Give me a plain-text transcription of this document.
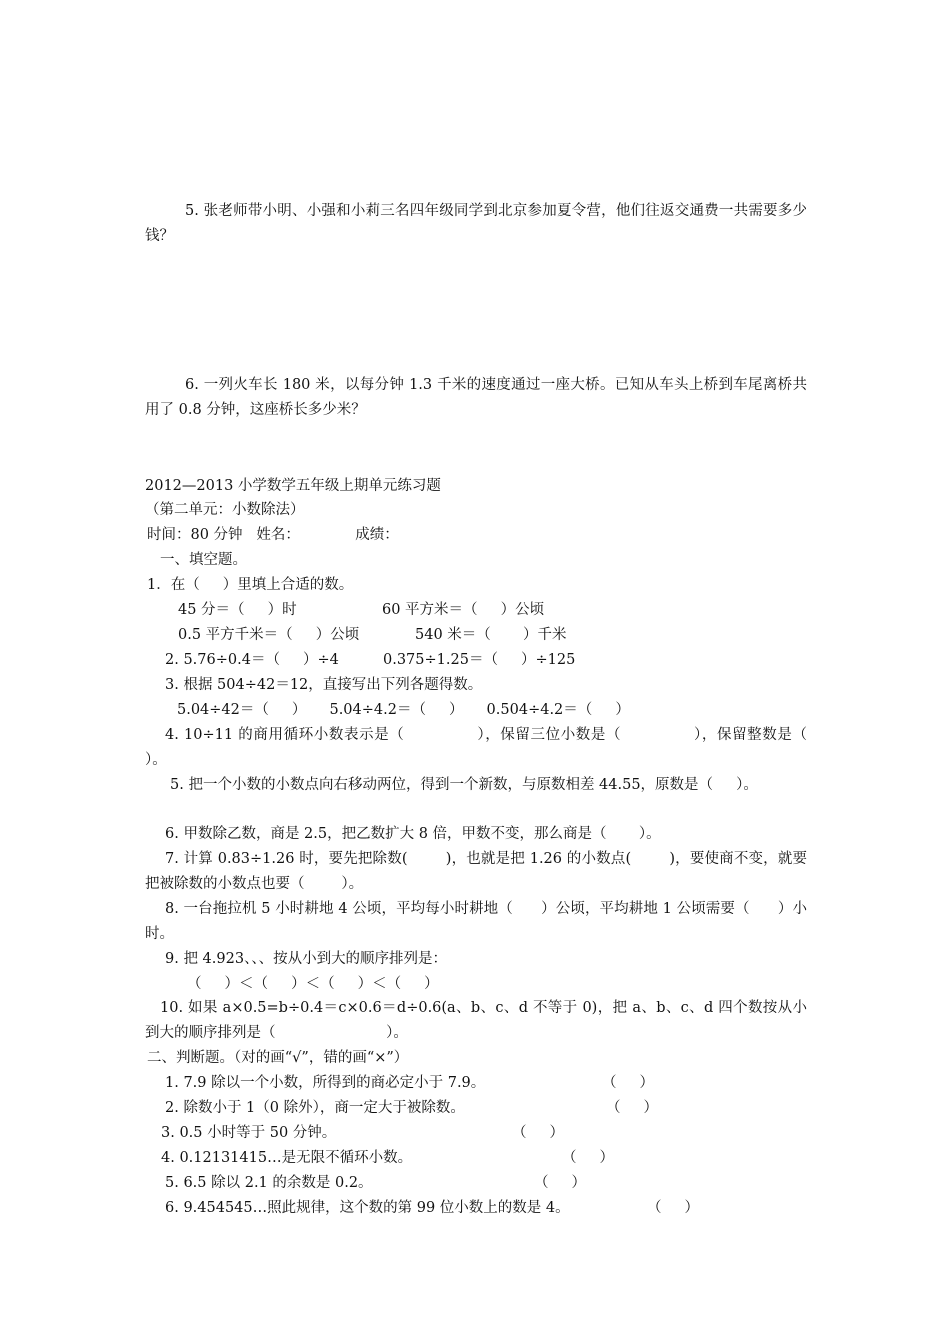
5. 张老师带小明、小强和小莉三名四年级同学到北京参加夏令营，他们往返交通费一共需要多少钱？
6. 一列火车长 180 米，以每分钟 1.3 千米的速度通过一座大桥。已知从车头上桥到车尾离桥共用了 0.8 分钟，这座桥长多少米？
2012—2013 小学数学五年级上期单元练习题
（第二单元：小数除法）
时间：80 分钟   姓名：            成绩：
一、填空题。
1．在（     ）里填上合适的数。
45 分＝（     ）时	60 平方米＝（     ）公顷
0.5 平方千米＝（     ）公顷	540 米＝（       ）千米
2. 5.76÷0.4＝（     ）÷4	0.375÷1.25＝（     ）÷125
3. 根据 504÷42＝12，直接写出下列各题得数。
5.04÷42＝（     ）     5.04÷4.2＝（     ）     0.504÷4.2＝（     ）
4. 10÷11 的商用循环小数表示是（              ），保留三位小数是（              ），保留整数是（     ）。
5. 把一个小数的小数点向右移动两位，得到一个新数，与原数相差 44.55，原数是（     ）。
6. 甲数除乙数，商是 2.5，把乙数扩大 8 倍，甲数不变，那么商是（       ）。
7. 计算 0.83÷1.26 时，要先把除数(        )，也就是把 1.26 的小数点(        )，要使商不变，就要把被除数的小数点也要（        ）。
8. 一台拖拉机 5 小时耕地 4 公顷，平均每小时耕地（      ）公顷，平均耕地 1 公顷需要（      ）小时。
9. 把 4.923、、、按从小到大的顺序排列是：
（     ）＜（     ）＜（     ）＜（     ）
10. 如果 a×0.5=b÷0.4＝c×0.6＝d÷0.6(a、b、c、d 不等于 0)，把 a、b、c、d 四个数按从小到大的顺序排列是（                        ）。
二、判断题。（对的画“√”，错的画“×”）
1. 7.9 除以一个小数，所得到的商必定小于 7.9。	（     ）
2. 除数小于 1（0 除外），商一定大于被除数。	（     ）
3. 0.5 小时等于 50 分钟。	（     ）
4. 0.12131415…是无限不循环小数。	（     ）
5. 6.5 除以 2.1 的余数是 0.2。	（     ）
6. 9.454545…照此规律，这个数的第 99 位小数上的数是 4。	（     ）
